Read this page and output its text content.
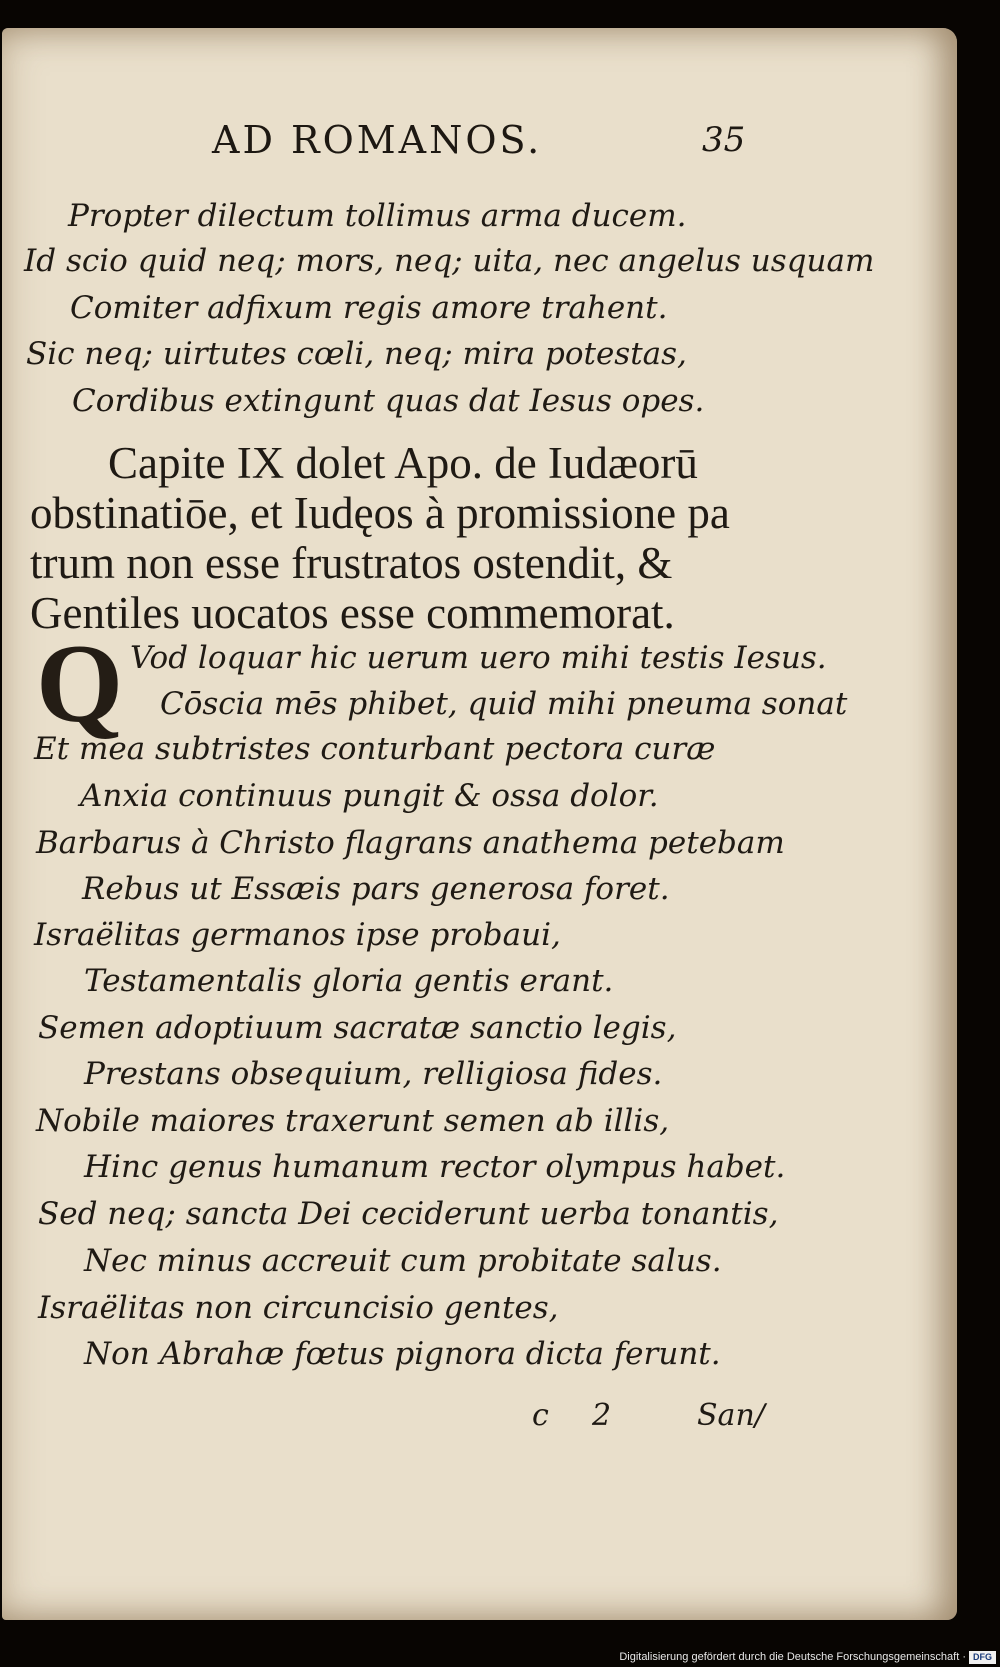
AD ROMANOS.	35
Propter dilectum tollimus arma ducem.
Id scio quid neq; mors, neq; uita, nec angelus usquam
Comiter adfixum regis amore trahent.
Sic neq; uirtutes cœli, neq; mira potestas,
Cordibus extingunt quas dat Iesus opes.
Capite IX dolet Apo. de Iudæorū
obstinatiōe, et Iudęos à promissione pa
trum non esse frustratos ostendit, &
Gentiles uocatos esse commemorat.
Q Vod loquar hic uerum uero mihi testis Iesus.
Cōscia mēs phibet, quid mihi pneuma sonat
Et mea subtristes conturbant pectora curæ
Anxia continuus pungit & ossa dolor.
Barbarus à Christo flagrans anathema petebam
Rebus ut Essæis pars generosa foret.
Israëlitas germanos ipse probaui,
Testamentalis gloria gentis erant.
Semen adoptiuum sacratæ sanctio legis,
Prestans obsequium, relligiosa fides.
Nobile maiores traxerunt semen ab illis,
Hinc genus humanum rector olympus habet.
Sed neq; sancta Dei ceciderunt uerba tonantis,
Nec minus accreuit cum probitate salus.
Israëlitas non circuncisio gentes,
Non Abrahæ fœtus pignora dicta ferunt.
c 2	San/
Digitalisierung gefördert durch die Deutsche Forschungsgemeinschaft · DFG
